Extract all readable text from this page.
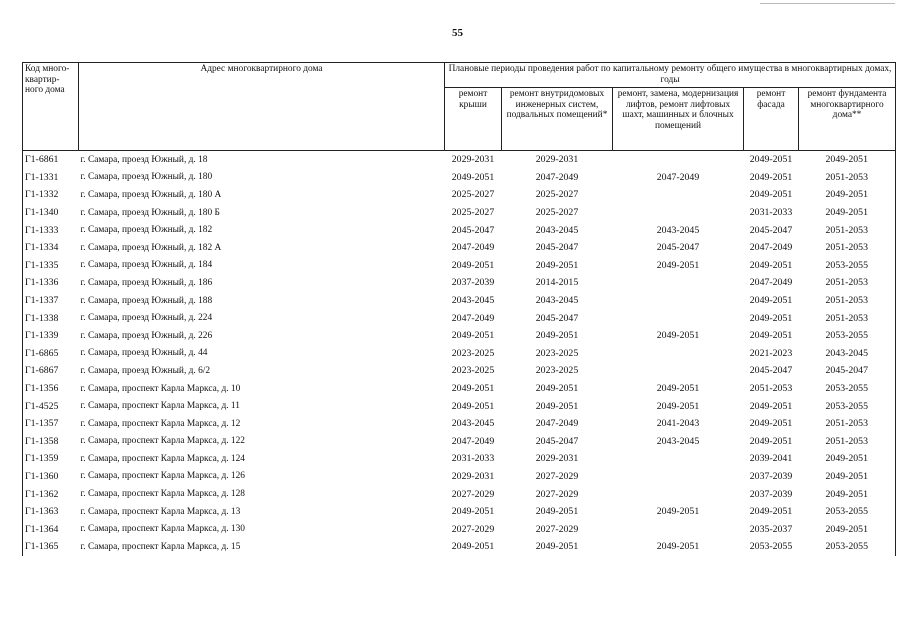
55
Код много-квартир-ного дома	Адрес многоквартирного дома	Плановые периоды проведения работ по капитальному ремонту общего имущества в многоквартирных домах, годы				
		ремонт крыши	ремонт внутридомовых инженерных систем, подвальных помещений*	ремонт, замена, модернизация лифтов, ремонт лифтовых шахт, машинных и блочных помещений	ремонт фасада	ремонт фундамента многоквартирного дома**
Г1-6861	г. Самара, проезд Южный, д. 18	2029-2031	2029-2031		2049-2051	2049-2051
Г1-1331	г. Самара, проезд Южный, д. 180	2049-2051	2047-2049	2047-2049	2049-2051	2051-2053
Г1-1332	г. Самара, проезд Южный, д. 180 А	2025-2027	2025-2027		2049-2051	2049-2051
Г1-1340	г. Самара, проезд Южный, д. 180 Б	2025-2027	2025-2027		2031-2033	2049-2051
Г1-1333	г. Самара, проезд Южный, д. 182	2045-2047	2043-2045	2043-2045	2045-2047	2051-2053
Г1-1334	г. Самара, проезд Южный, д. 182 А	2047-2049	2045-2047	2045-2047	2047-2049	2051-2053
Г1-1335	г. Самара, проезд Южный, д. 184	2049-2051	2049-2051	2049-2051	2049-2051	2053-2055
Г1-1336	г. Самара, проезд Южный, д. 186	2037-2039	2014-2015		2047-2049	2051-2053
Г1-1337	г. Самара, проезд Южный, д. 188	2043-2045	2043-2045		2049-2051	2051-2053
Г1-1338	г. Самара, проезд Южный, д. 224	2047-2049	2045-2047		2049-2051	2051-2053
Г1-1339	г. Самара, проезд Южный, д. 226	2049-2051	2049-2051	2049-2051	2049-2051	2053-2055
Г1-6865	г. Самара, проезд Южный, д. 44	2023-2025	2023-2025		2021-2023	2043-2045
Г1-6867	г. Самара, проезд Южный, д. 6/2	2023-2025	2023-2025		2045-2047	2045-2047
Г1-1356	г. Самара, проспект Карла Маркса, д. 10	2049-2051	2049-2051	2049-2051	2051-2053	2053-2055
Г1-4525	г. Самара, проспект Карла Маркса, д. 11	2049-2051	2049-2051	2049-2051	2049-2051	2053-2055
Г1-1357	г. Самара, проспект Карла Маркса, д. 12	2043-2045	2047-2049	2041-2043	2049-2051	2051-2053
Г1-1358	г. Самара, проспект Карла Маркса, д. 122	2047-2049	2045-2047	2043-2045	2049-2051	2051-2053
Г1-1359	г. Самара, проспект Карла Маркса, д. 124	2031-2033	2029-2031		2039-2041	2049-2051
Г1-1360	г. Самара, проспект Карла Маркса, д. 126	2029-2031	2027-2029		2037-2039	2049-2051
Г1-1362	г. Самара, проспект Карла Маркса, д. 128	2027-2029	2027-2029		2037-2039	2049-2051
Г1-1363	г. Самара, проспект Карла Маркса, д. 13	2049-2051	2049-2051	2049-2051	2049-2051	2053-2055
Г1-1364	г. Самара, проспект Карла Маркса, д. 130	2027-2029	2027-2029		2035-2037	2049-2051
Г1-1365	г. Самара, проспект Карла Маркса, д. 15	2049-2051	2049-2051	2049-2051	2053-2055	2053-2055
